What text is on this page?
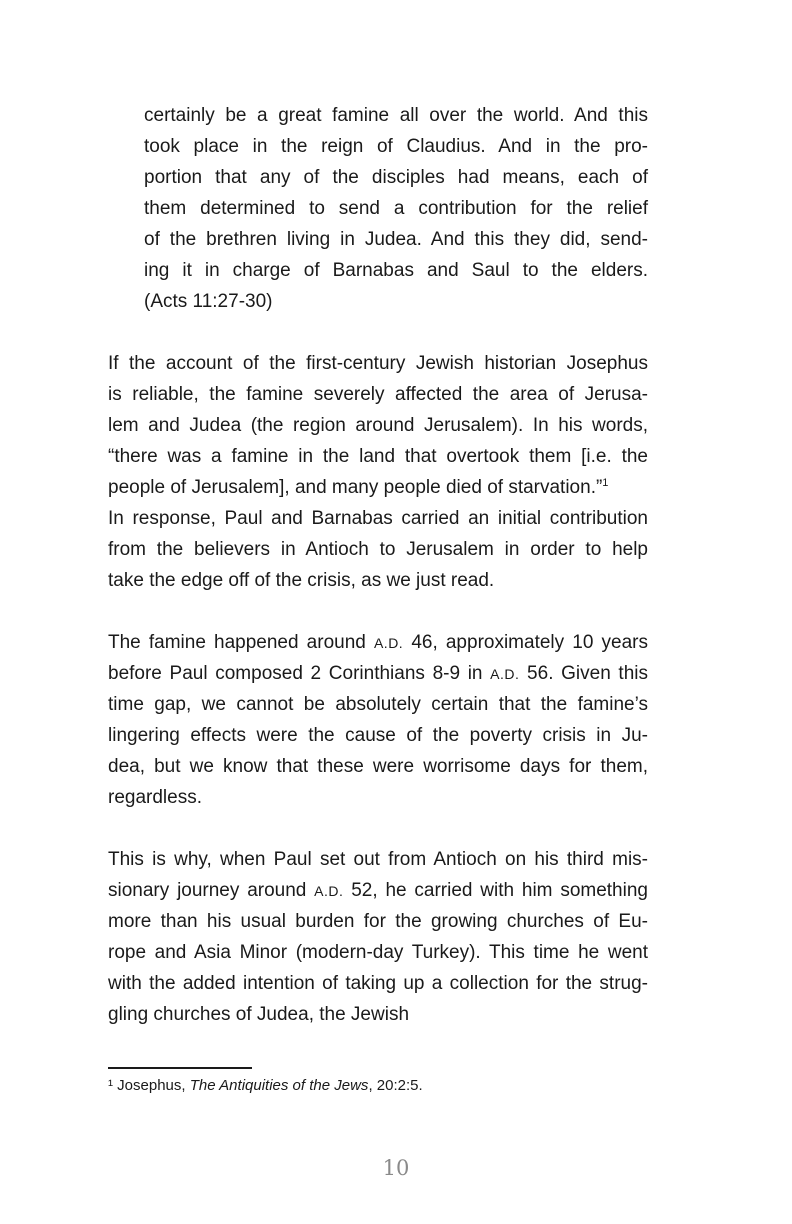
certainly be a great famine all over the world. And this
took place in the reign of Claudius. And in the pro-
portion that any of the disciples had means, each of
them determined to send a contribution for the relief
of the brethren living in Judea. And this they did, send-
ing it in charge of Barnabas and Saul to the elders.
(Acts 11:27-30)
If the account of the first-century Jewish historian Josephus
is reliable, the famine severely affected the area of Jerusa-
lem and Judea (the region around Jerusalem). In his words,
“there was a famine in the land that overtook them [i.e. the
people of Jerusalem], and many people died of starvation.”$^1$
In response, Paul and Barnabas carried an initial contribution
from the believers in Antioch to Jerusalem in order to help
take the edge off of the crisis, as we just read.
The famine happened around A.D. 46, approximately 10 years
before Paul composed 2 Corinthians 8-9 in A.D. 56. Given this
time gap, we cannot be absolutely certain that the famine’s
lingering effects were the cause of the poverty crisis in Ju-
dea, but we know that these were worrisome days for them,
regardless.
This is why, when Paul set out from Antioch on his third mis-
sionary journey around A.D. 52, he carried with him something
more than his usual burden for the growing churches of Eu-
rope and Asia Minor (modern-day Turkey). This time he went
with the added intention of taking up a collection for the strug-
gling churches of Judea, the Jewish
¹ Josephus, The Antiquities of the Jews, 20:2:5.
10
